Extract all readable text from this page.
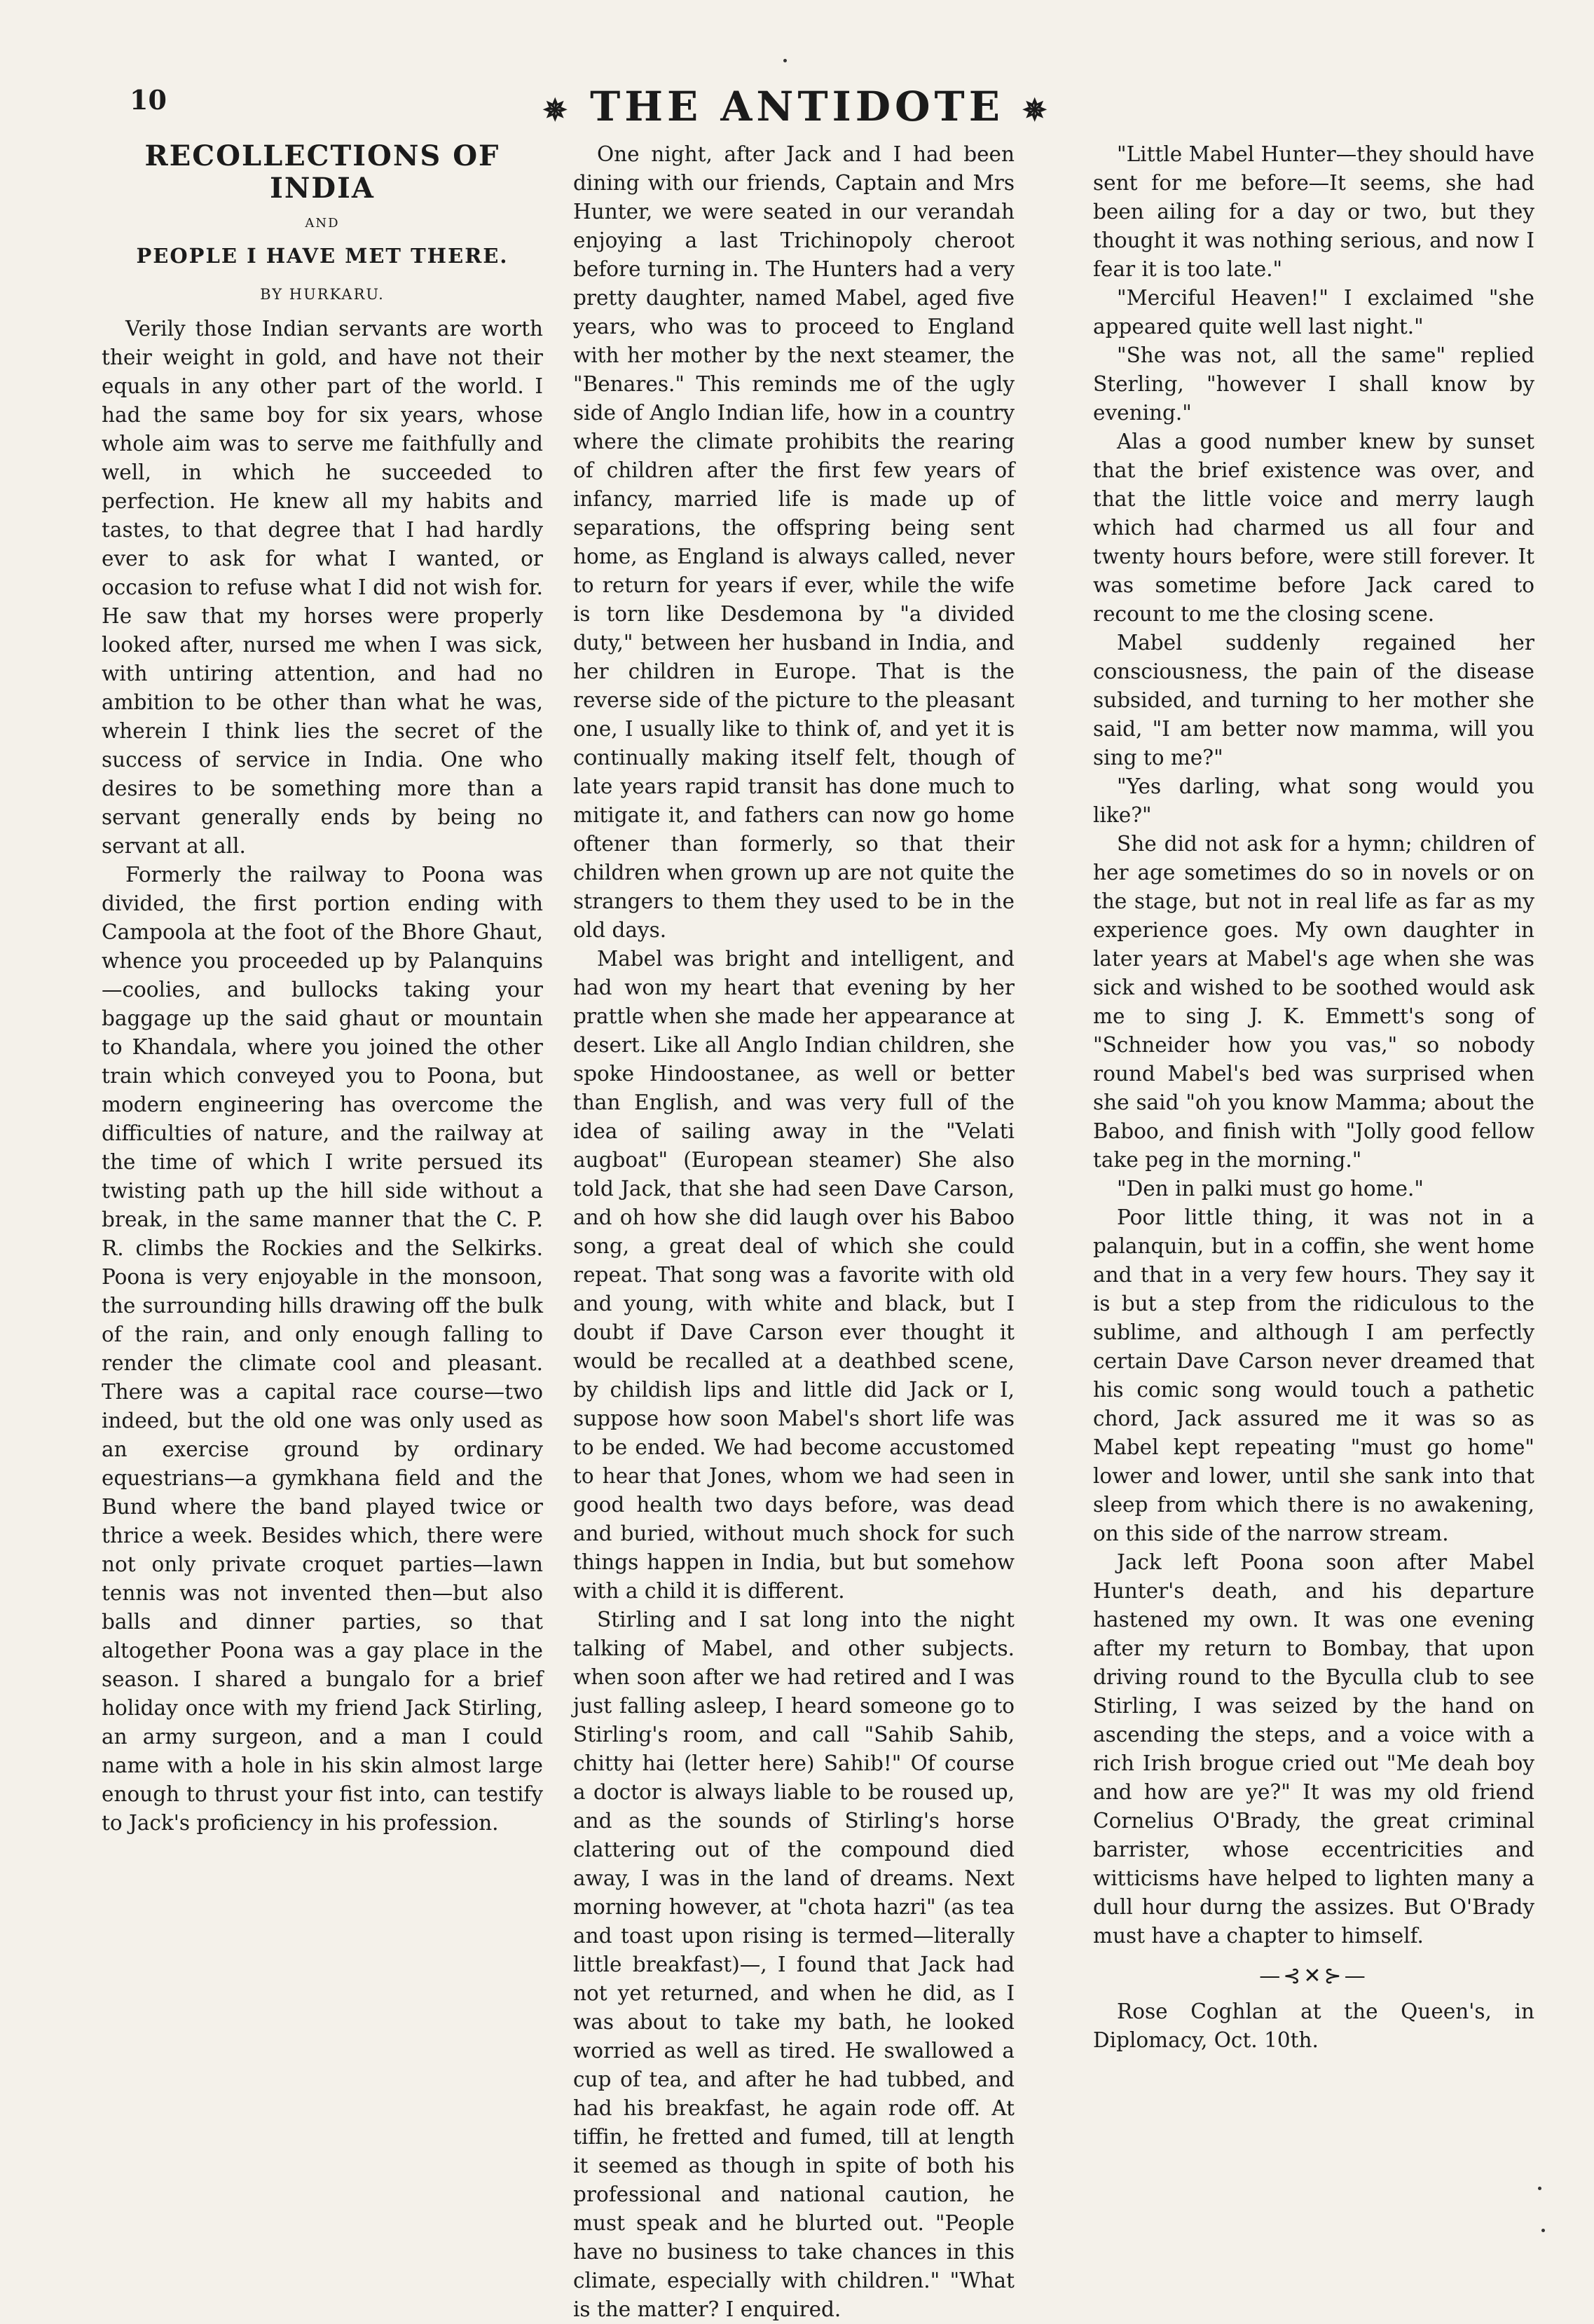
10	✵ THE ANTIDOTE ✵
RECOLLECTIONS OF INDIA
AND
PEOPLE I HAVE MET THERE.
BY HURKARU.

Verily those Indian servants are worth their weight in gold, and have not their equals in any other part of the world. I had the same boy for six years, whose whole aim was to serve me faithfully and well, in which he succeeded to perfection. He knew all my habits and tastes, to that degree that I had hardly ever to ask for what I wanted, or occasion to refuse what I did not wish for. He saw that my horses were properly looked after, nursed me when I was sick, with untiring attention, and had no ambition to be other than what he was, wherein I think lies the secret of the success of service in India. One who desires to be something more than a servant generally ends by being no servant at all.

Formerly the railway to Poona was divided, the first portion ending with Campoola at the foot of the Bhore Ghaut, whence you proceeded up by Palanquins—coolies, and bullocks taking your baggage up the said ghaut or mountain to Khandala, where you joined the other train which conveyed you to Poona, but modern engineering has overcome the difficulties of nature, and the railway at the time of which I write persued its twisting path up the hill side without a break, in the same manner that the C. P. R. climbs the Rockies and the Selkirks. Poona is very enjoyable in the monsoon, the surrounding hills drawing off the bulk of the rain, and only enough falling to render the climate cool and pleasant. There was a capital race course—two indeed, but the old one was only used as an exercise ground by ordinary equestrians—a gymkhana field and the Bund where the band played twice or thrice a week. Besides which, there were not only private croquet parties—lawn tennis was not invented then—but also balls and dinner parties, so that altogether Poona was a gay place in the season. I shared a bungalo for a brief holiday once with my friend Jack Stirling, an army surgeon, and a man I could name with a hole in his skin almost large enough to thrust your fist into, can testify to Jack's proficiency in his profession.

One night, after Jack and I had been dining with our friends, Captain and Mrs Hunter, we were seated in our verandah enjoying a last Trichinopoly cheroot before turning in. The Hunters had a very pretty daughter, named Mabel, aged five years, who was to proceed to England with her mother by the next steamer, the "Benares." This reminds me of the ugly side of Anglo Indian life, how in a country where the climate prohibits the rearing of children after the first few years of infancy, married life is made up of separations, the offspring being sent home, as England is always called, never to return for years if ever, while the wife is torn like Desdemona by "a divided duty," between her husband in India, and her children in Europe. That is the reverse side of the picture to the pleasant one, I usually like to think of, and yet it is continually making itself felt, though of late years rapid transit has done much to mitigate it, and fathers can now go home oftener than formerly, so that their children when grown up are not quite the strangers to them they used to be in the old days.

Mabel was bright and intelligent, and had won my heart that evening by her prattle when she made her appearance at desert. Like all Anglo Indian children, she spoke Hindoostanee, as well or better than English, and was very full of the idea of sailing away in the "Velati augboat" (European steamer) She also told Jack, that she had seen Dave Carson, and oh how she did laugh over his Baboo song, a great deal of which she could repeat. That song was a favorite with old and young, with white and black, but I doubt if Dave Carson ever thought it would be recalled at a deathbed scene, by childish lips and little did Jack or I, suppose how soon Mabel's short life was to be ended. We had become accustomed to hear that Jones, whom we had seen in good health two days before, was dead and buried, without much shock for such things happen in India, but but somehow with a child it is different.

Stirling and I sat long into the night talking of Mabel, and other subjects. when soon after we had retired and I was just falling asleep, I heard someone go to Stirling's room, and call "Sahib Sahib, chitty hai (letter here) Sahib!" Of course a doctor is always liable to be roused up, and as the sounds of Stirling's horse clattering out of the compound died away, I was in the land of dreams. Next morning however, at "chota hazri" (as tea and toast upon rising is termed—literally little breakfast)—, I found that Jack had not yet returned, and when he did, as I was about to take my bath, he looked worried as well as tired. He swallowed a cup of tea, and after he had tubbed, and had his breakfast, he again rode off. At tiffin, he fretted and fumed, till at length it seemed as though in spite of both his professional and national caution, he must speak and he blurted out. "People have no business to take chances in this climate, especially with children." "What is the matter? I enquired.

"Little Mabel Hunter—they should have sent for me before—It seems, she had been ailing for a day or two, but they thought it was nothing serious, and now I fear it is too late."

"Merciful Heaven!" I exclaimed "she appeared quite well last night."

"She was not, all the same" replied Sterling, "however I shall know by evening."

Alas a good number knew by sunset that the brief existence was over, and that the little voice and merry laugh which had charmed us all four and twenty hours before, were still forever. It was sometime before Jack cared to recount to me the closing scene.

Mabel suddenly regained her consciousness, the pain of the disease subsided, and turning to her mother she said, "I am better now mamma, will you sing to me?"

"Yes darling, what song would you like?"

She did not ask for a hymn; children of her age sometimes do so in novels or on the stage, but not in real life as far as my experience goes. My own daughter in later years at Mabel's age when she was sick and wished to be soothed would ask me to sing J. K. Emmett's song of "Schneider how you vas," so nobody round Mabel's bed was surprised when she said "oh you know Mamma; about the Baboo, and finish with "Jolly good fellow take peg in the morning."

"Den in palki must go home."

Poor little thing, it was not in a palanquin, but in a coffin, she went home and that in a very few hours. They say it is but a step from the ridiculous to the sublime, and although I am perfectly certain Dave Carson never dreamed that his comic song would touch a pathetic chord, Jack assured me it was so as Mabel kept repeating "must go home" lower and lower, until she sank into that sleep from which there is no awakening, on this side of the narrow stream.

Jack left Poona soon after Mabel Hunter's death, and his departure hastened my own. It was one evening after my return to Bombay, that upon driving round to the Byculla club to see Stirling, I was seized by the hand on ascending the steps, and a voice with a rich Irish brogue cried out "Me deah boy and how are ye?" It was my old friend Cornelius O'Brady, the great criminal barrister, whose eccentricities and witticisms have helped to lighten many a dull hour durng the assizes. But O'Brady must have a chapter to himself.

—⊰✕⊱—

Rose Coghlan at the Queen's, in Diplomacy, Oct. 10th.
